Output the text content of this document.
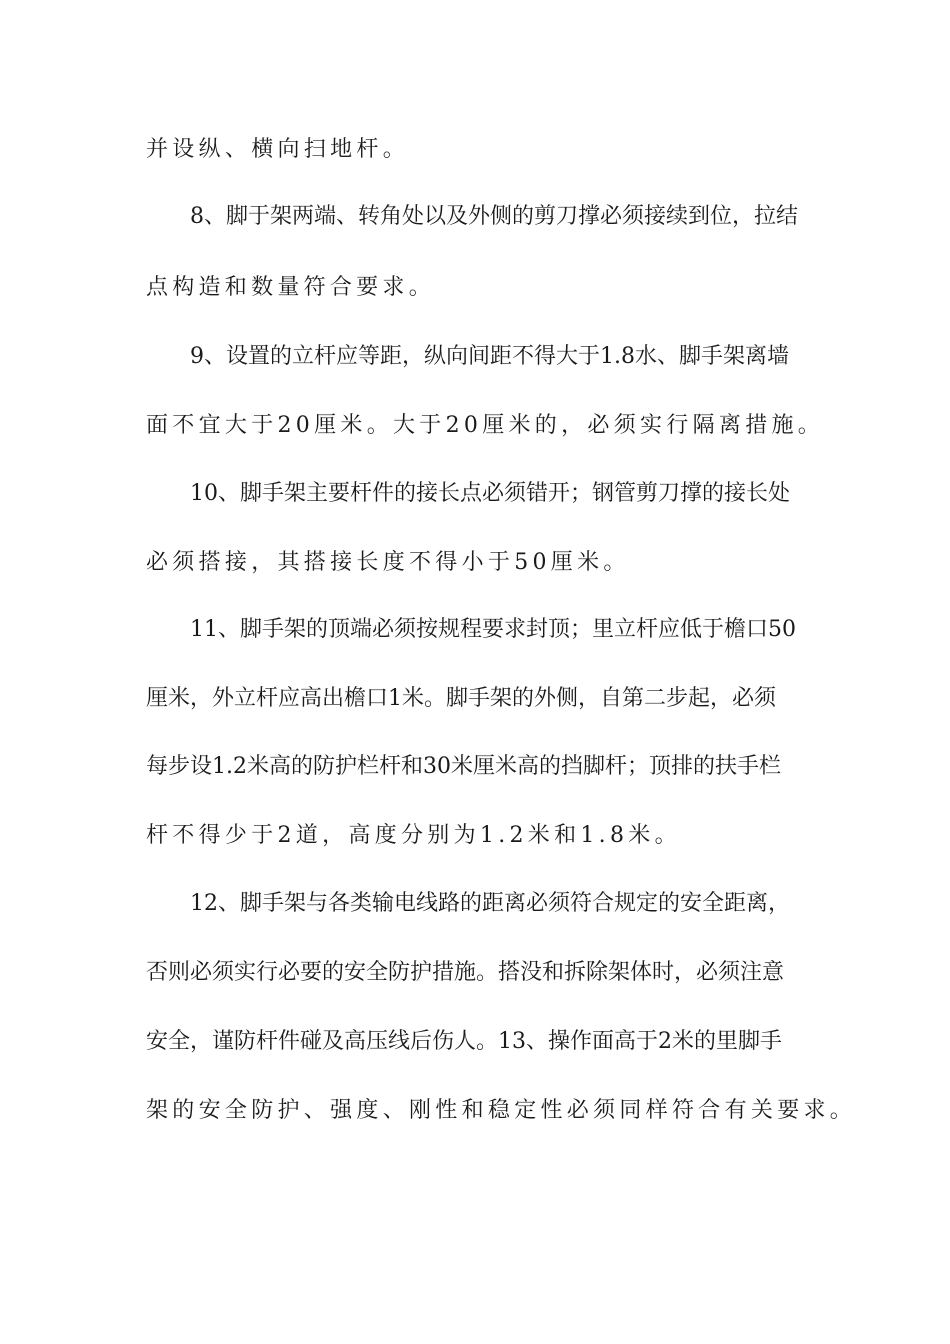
并设纵、横向扫地杆。
8、脚于架两端、转角处以及外侧的剪刀撑必须接续到位，拉结
点构造和数量符合要求。
9、设置的立杆应等距，纵向间距不得大于1.8水、脚手架离墙
面不宜大于20厘米。大于20厘米的，必须实行隔离措施。
10、脚手架主要杆件的接长点必须错开；钢管剪刀撑的接长处
必须搭接，其搭接长度不得小于50厘米。
11、脚手架的顶端必须按规程要求封顶；里立杆应低于檐口50
厘米，外立杆应高出檐口1米。脚手架的外侧，自第二步起，必须
每步设1.2米高的防护栏杆和30米厘米高的挡脚杆；顶排的扶手栏
杆不得少于2道，高度分别为1.2米和1.8米。
12、脚手架与各类输电线路的距离必须符合规定的安全距离，
否则必须实行必要的安全防护措施。搭没和拆除架体时，必须注意
安全，谨防杆件碰及高压线后伤人。13、操作面高于2米的里脚手
架的安全防护、强度、刚性和稳定性必须同样符合有关要求。
